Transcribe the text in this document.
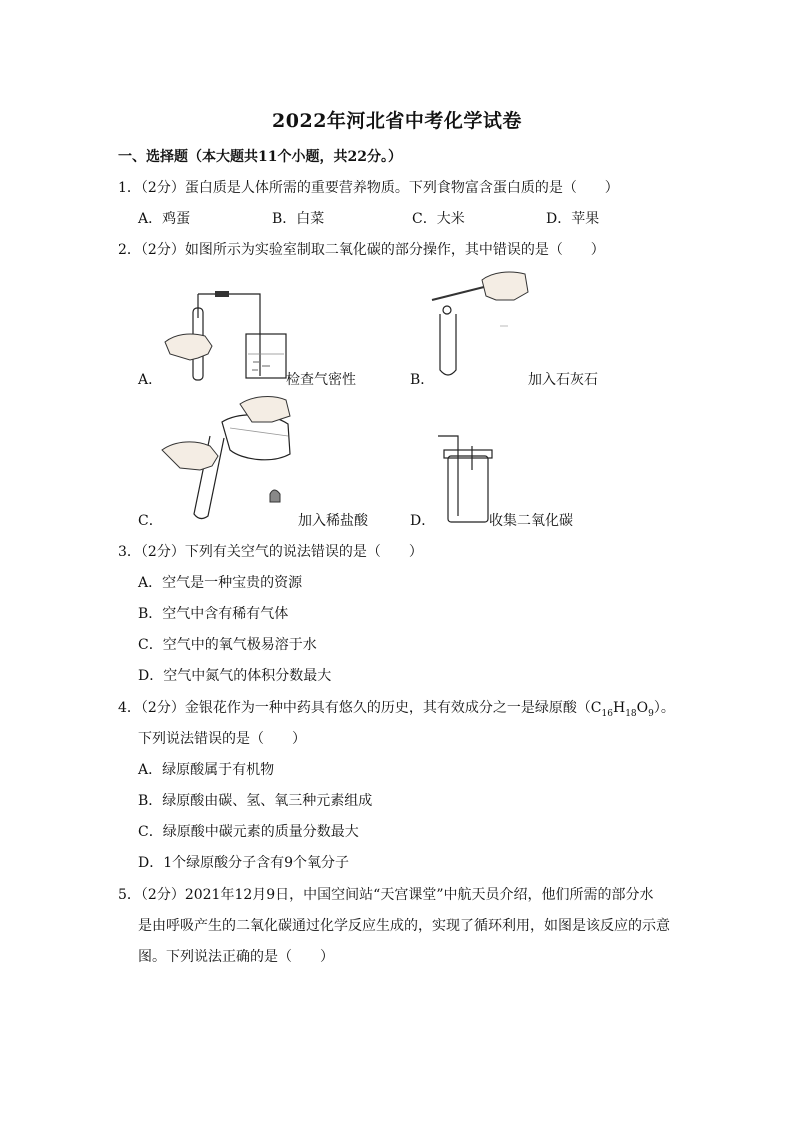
2022年河北省中考化学试卷
一、选择题（本大题共11个小题，共22分。）
1．（2分）蛋白质是人体所需的重要营养物质。下列食物富含蛋白质的是（　　）
A．鸡蛋	B．白菜	C．大米	D．苹果
2．（2分）如图所示为实验室制取二氧化碳的部分操作，其中错误的是（　　）
A．	检查气密性	B．	加入石灰石
C．	加入稀盐酸	D．	收集二氧化碳
3．（2分）下列有关空气的说法错误的是（　　）
A．空气是一种宝贵的资源
B．空气中含有稀有气体
C．空气中的氧气极易溶于水
D．空气中氮气的体积分数最大
4．（2分）金银花作为一种中药具有悠久的历史，其有效成分之一是绿原酸$(C_{16}H_{18}O_9)$。
下列说法错误的是（　　）
A．绿原酸属于有机物
B．绿原酸由碳、氢、氧三种元素组成
C．绿原酸中碳元素的质量分数最大
D．1个绿原酸分子含有9个氧分子
5．（2分）2021年12月9日，中国空间站“天宫课堂”中航天员介绍，他们所需的部分水
是由呼吸产生的二氧化碳通过化学反应生成的，实现了循环利用，如图是该反应的示意
图。下列说法正确的是（　　）
